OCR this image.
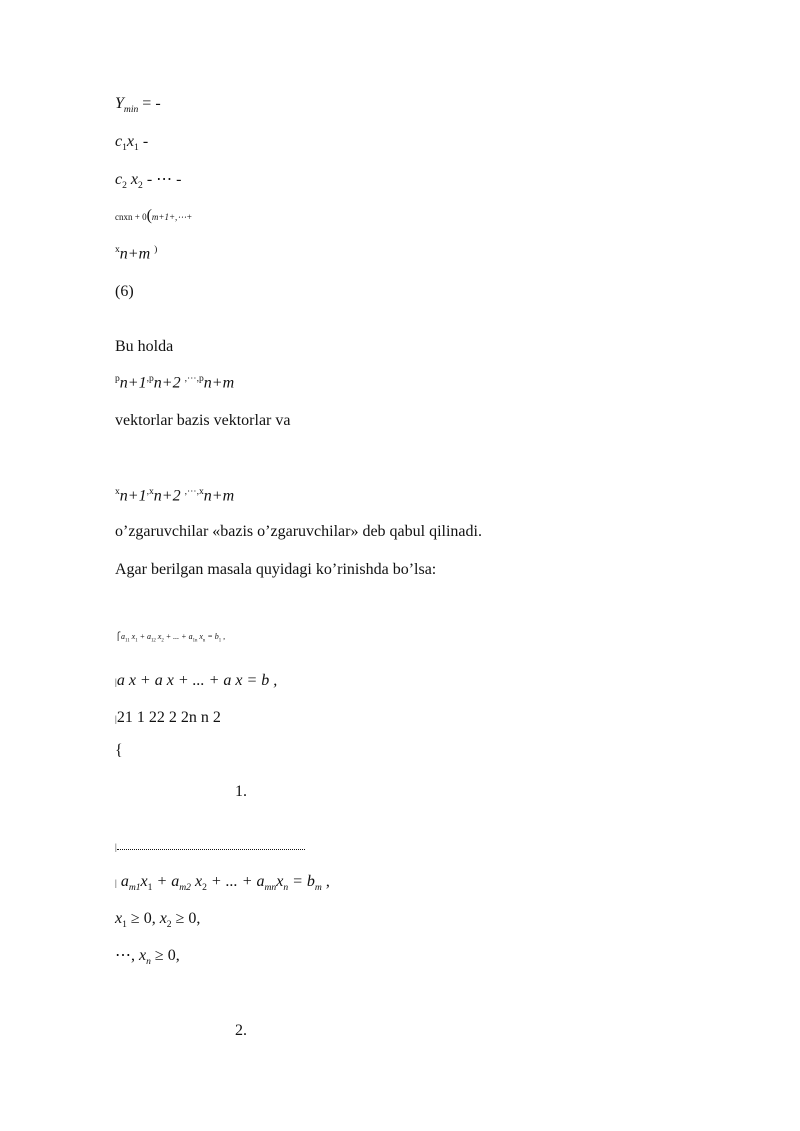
$Y_{min}$ = -
$c_1x_1$ -
$c_2$ $x_2$ - ⋯ -
cnxn + 0(m+1+,⋯+
$^x$n+m )
(6)
Bu holda
$^pn+1^{,p}n+2$ $^{,\cdots,p}$n+m
vektorlar bazis vektorlar va
$^xn+1^{,x}n+2$ $^{,\cdots,x}$n+m
o’zgaruvchilar «bazis o’zgaruvchilar» deb qabul qilinadi.
Agar berilgan masala quyidagi ko’rinishda bo’lsa:
$⎧a_{11}$ $x_1 + a_{12}$ $x_2$ + ... + $a_{1n}$ $x_n = b_1$ ,
|a x + a x + ... + a x = b ,
|21 1 22 2 2n n 2
{
1.
|
| $a_{m1}x_1 + a_{m2}$ $x_2$ + ... + $a_{mn}x_n = b_m$ ,
$x_1 \ge 0$, $x_2 \ge 0$,
⋯, $x_n \ge 0$,
2.
